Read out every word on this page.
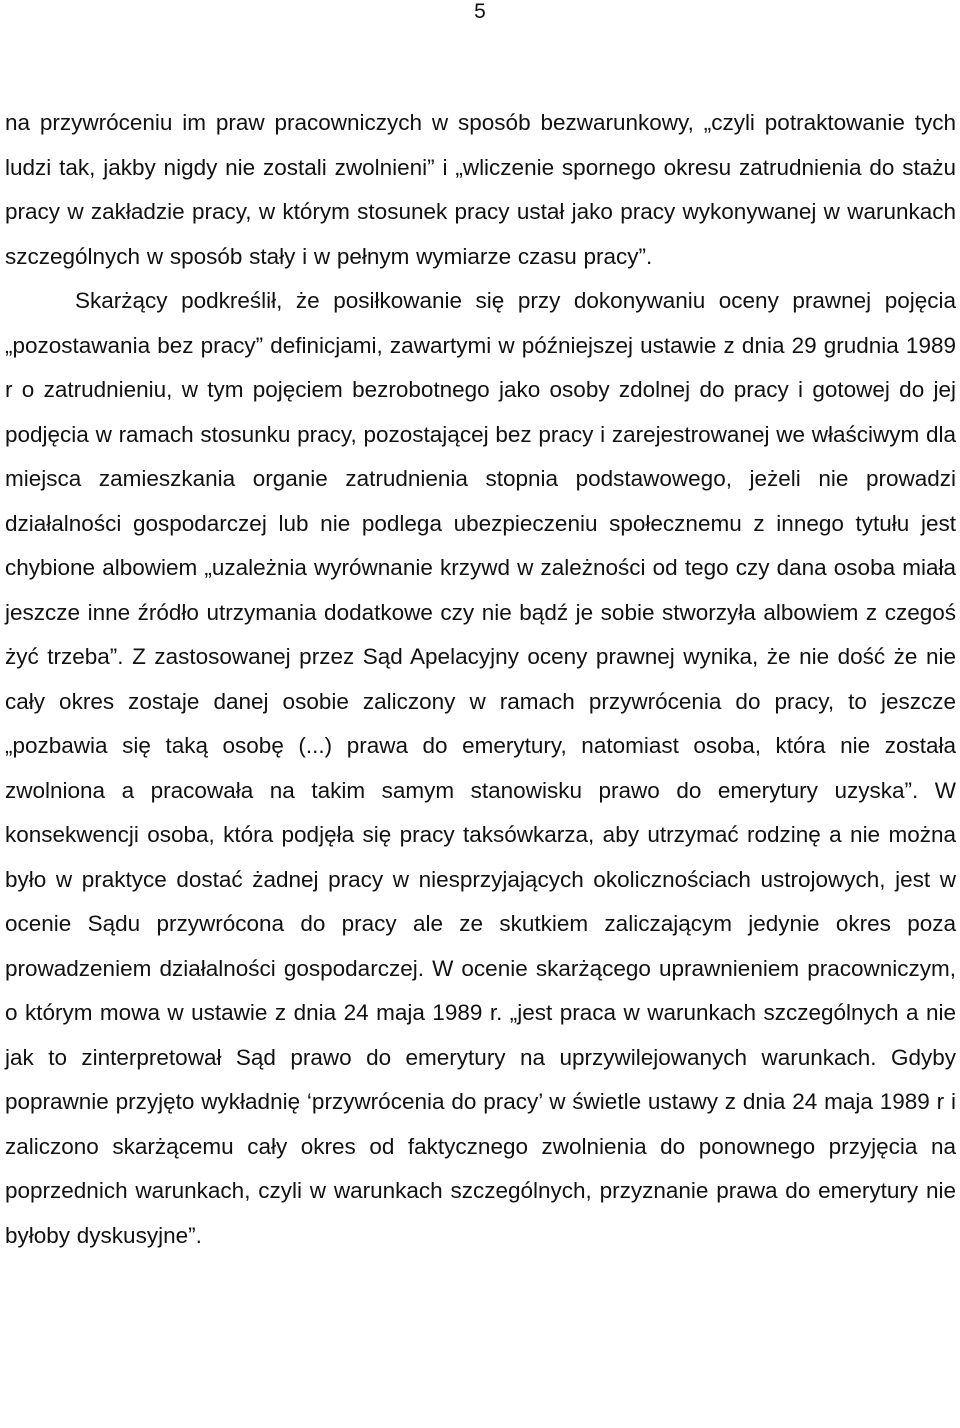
5

na przywróceniu im praw pracowniczych w sposób bezwarunkowy, „czyli potraktowanie tych ludzi tak, jakby nigdy nie zostali zwolnieni” i „wliczenie spornego okresu zatrudnienia do stażu pracy w zakładzie pracy, w którym stosunek pracy ustał jako pracy wykonywanej w warunkach szczególnych w sposób stały i w pełnym wymiarze czasu pracy”.

Skarżący podkreślił, że posiłkowanie się przy dokonywaniu oceny prawnej pojęcia „pozostawania bez pracy” definicjami, zawartymi w późniejszej ustawie z dnia 29 grudnia 1989 r o zatrudnieniu, w tym pojęciem bezrobotnego jako osoby zdolnej do pracy i gotowej do jej podjęcia w ramach stosunku pracy, pozostającej bez pracy i zarejestrowanej we właściwym dla miejsca zamieszkania organie zatrudnienia stopnia podstawowego, jeżeli nie prowadzi działalności gospodarczej lub nie podlega ubezpieczeniu społecznemu z innego tytułu jest chybione albowiem „uzależnia wyrównanie krzywd w zależności od tego czy dana osoba miała jeszcze inne źródło utrzymania dodatkowe czy nie bądź je sobie stworzyła albowiem z czegoś żyć trzeba”. Z zastosowanej przez Sąd Apelacyjny oceny prawnej wynika, że nie dość że nie cały okres zostaje danej osobie zaliczony w ramach przywrócenia do pracy, to jeszcze „pozbawia się taką osobę (...) prawa do emerytury, natomiast osoba, która nie została zwolniona a pracowała na takim samym stanowisku prawo do emerytury uzyska”. W konsekwencji osoba, która podjęła się pracy taksówkarza, aby utrzymać rodzinę a nie można było w praktyce dostać żadnej pracy w niesprzyjających okolicznościach ustrojowych, jest w ocenie Sądu przywrócona do pracy ale ze skutkiem zaliczającym jedynie okres poza prowadzeniem działalności gospodarczej. W ocenie skarżącego uprawnieniem pracowniczym, o którym mowa w ustawie z dnia 24 maja 1989 r. „jest praca w warunkach szczególnych a nie jak to zinterpretował Sąd prawo do emerytury na uprzywilejowanych warunkach. Gdyby poprawnie przyjęto wykładnię ‘przywrócenia do pracy’ w świetle ustawy z dnia 24 maja 1989 r i zaliczono skarżącemu cały okres od faktycznego zwolnienia do ponownego przyjęcia na poprzednich warunkach, czyli w warunkach szczególnych, przyznanie prawa do emerytury nie byłoby dyskusyjne”.
